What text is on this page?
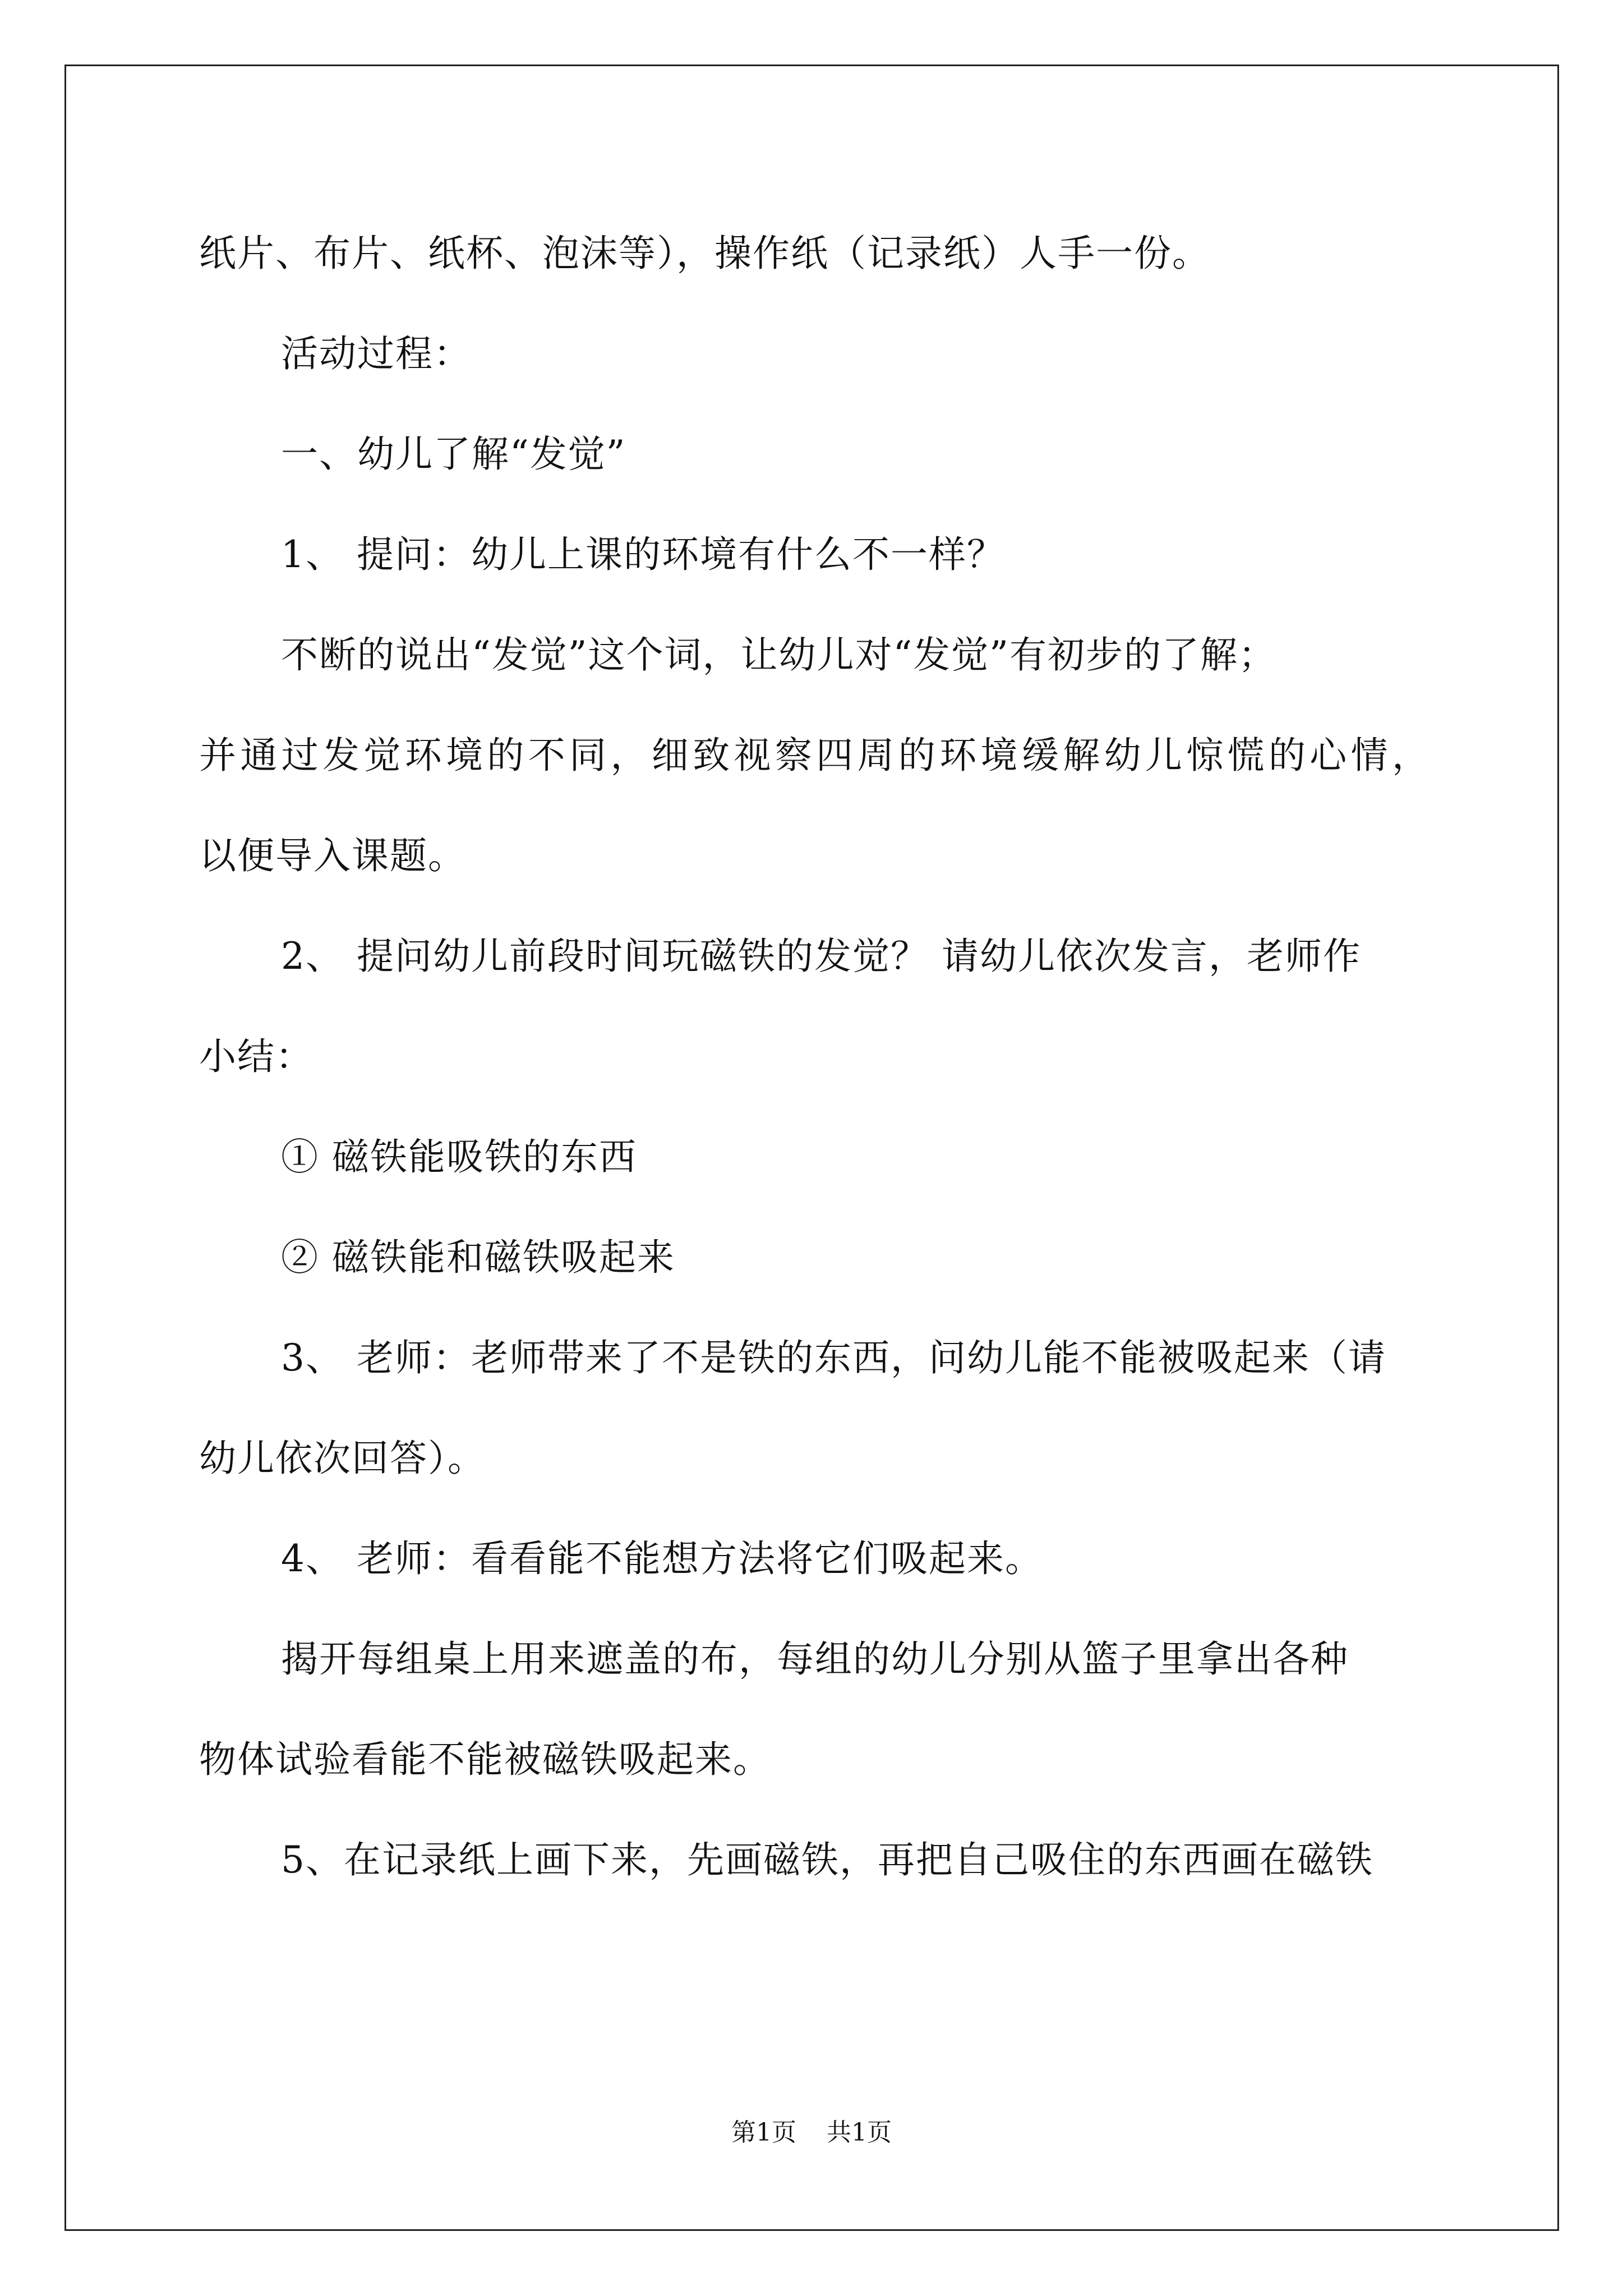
纸片、布片、纸杯、泡沫等），操作纸（记录纸）人手一份。
活动过程：
一、幼儿了解“发觉”
1、 提问：幼儿上课的环境有什么不一样？
不断的说出“发觉”这个词，让幼儿对“发觉”有初步的了解；
并通过发觉环境的不同，细致视察四周的环境缓解幼儿惊慌的心情，
以便导入课题。
2、 提问幼儿前段时间玩磁铁的发觉？ 请幼儿依次发言，老师作
小结：
① 磁铁能吸铁的东西
② 磁铁能和磁铁吸起来
3、 老师：老师带来了不是铁的东西，问幼儿能不能被吸起来（请
幼儿依次回答）。
4、 老师：看看能不能想方法将它们吸起来。
揭开每组桌上用来遮盖的布，每组的幼儿分别从篮子里拿出各种
物体试验看能不能被磁铁吸起来。
5、在记录纸上画下来，先画磁铁，再把自己吸住的东西画在磁铁
第1页 共1页
